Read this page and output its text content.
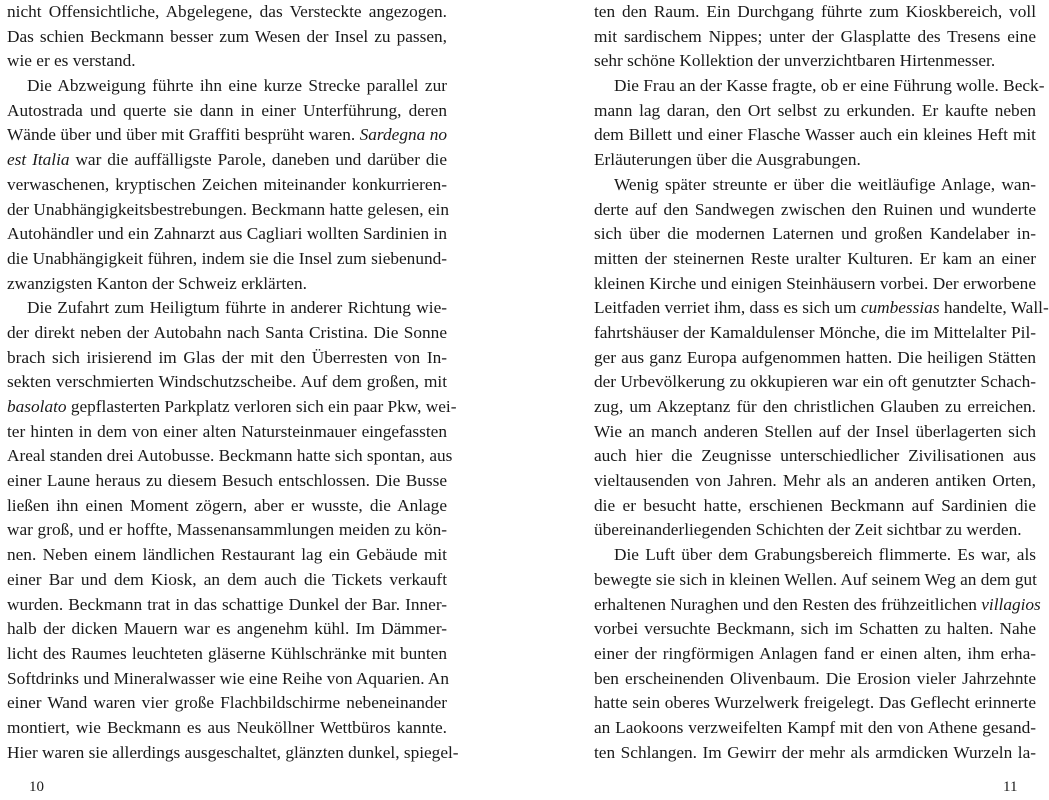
nicht Offensichtliche, Abgelegene, das Versteckte angezogen.
Das schien Beckmann besser zum Wesen der Insel zu passen,
wie er es verstand.
Die Abzweigung führte ihn eine kurze Strecke parallel zur
Autostrada und querte sie dann in einer Unterführung, deren
Wände über und über mit Graffiti besprüht waren. Sardegna no
est Italia war die auffälligste Parole, daneben und darüber die
verwaschenen, kryptischen Zeichen miteinander konkurrieren-
der Unabhängigkeitsbestrebungen. Beckmann hatte gelesen, ein
Autohändler und ein Zahnarzt aus Cagliari wollten Sardinien in
die Unabhängigkeit führen, indem sie die Insel zum siebenund-
zwanzigsten Kanton der Schweiz erklärten.
Die Zufahrt zum Heiligtum führte in anderer Richtung wie-
der direkt neben der Autobahn nach Santa Cristina. Die Sonne
brach sich irisierend im Glas der mit den Überresten von In-
sekten verschmierten Windschutzscheibe. Auf dem großen, mit
basolato gepflasterten Parkplatz verloren sich ein paar Pkw, wei-
ter hinten in dem von einer alten Natursteinmauer eingefassten
Areal standen drei Autobusse. Beckmann hatte sich spontan, aus
einer Laune heraus zu diesem Besuch entschlossen. Die Busse
ließen ihn einen Moment zögern, aber er wusste, die Anlage
war groß, und er hoffte, Massenansammlungen meiden zu kön-
nen. Neben einem ländlichen Restaurant lag ein Gebäude mit
einer Bar und dem Kiosk, an dem auch die Tickets verkauft
wurden. Beckmann trat in das schattige Dunkel der Bar. Inner-
halb der dicken Mauern war es angenehm kühl. Im Dämmer-
licht des Raumes leuchteten gläserne Kühlschränke mit bunten
Softdrinks und Mineralwasser wie eine Reihe von Aquarien. An
einer Wand waren vier große Flachbildschirme nebeneinander
montiert, wie Beckmann es aus Neuköllner Wettbüros kannte.
Hier waren sie allerdings ausgeschaltet, glänzten dunkel, spiegel-
ten den Raum. Ein Durchgang führte zum Kioskbereich, voll
mit sardischem Nippes; unter der Glasplatte des Tresens eine
sehr schöne Kollektion der unverzichtbaren Hirtenmesser.
Die Frau an der Kasse fragte, ob er eine Führung wolle. Beck-
mann lag daran, den Ort selbst zu erkunden. Er kaufte neben
dem Billett und einer Flasche Wasser auch ein kleines Heft mit
Erläuterungen über die Ausgrabungen.
Wenig später streunte er über die weitläufige Anlage, wan-
derte auf den Sandwegen zwischen den Ruinen und wunderte
sich über die modernen Laternen und großen Kandelaber in-
mitten der steinernen Reste uralter Kulturen. Er kam an einer
kleinen Kirche und einigen Steinhäusern vorbei. Der erworbene
Leitfaden verriet ihm, dass es sich um cumbessias handelte, Wall-
fahrtshäuser der Kamaldulenser Mönche, die im Mittelalter Pil-
ger aus ganz Europa aufgenommen hatten. Die heiligen Stätten
der Urbevölkerung zu okkupieren war ein oft genutzter Schach-
zug, um Akzeptanz für den christlichen Glauben zu erreichen.
Wie an manch anderen Stellen auf der Insel überlagerten sich
auch hier die Zeugnisse unterschiedlicher Zivilisationen aus
vieltausenden von Jahren. Mehr als an anderen antiken Orten,
die er besucht hatte, erschienen Beckmann auf Sardinien die
übereinanderliegenden Schichten der Zeit sichtbar zu werden.
Die Luft über dem Grabungsbereich flimmerte. Es war, als
bewegte sie sich in kleinen Wellen. Auf seinem Weg an dem gut
erhaltenen Nuraghen und den Resten des frühzeitlichen villagios
vorbei versuchte Beckmann, sich im Schatten zu halten. Nahe
einer der ringförmigen Anlagen fand er einen alten, ihm erha-
ben erscheinenden Olivenbaum. Die Erosion vieler Jahrzehnte
hatte sein oberes Wurzelwerk freigelegt. Das Geflecht erinnerte
an Laokoons verzweifelten Kampf mit den von Athene gesand-
ten Schlangen. Im Gewirr der mehr als armdicken Wurzeln la-
10	11
